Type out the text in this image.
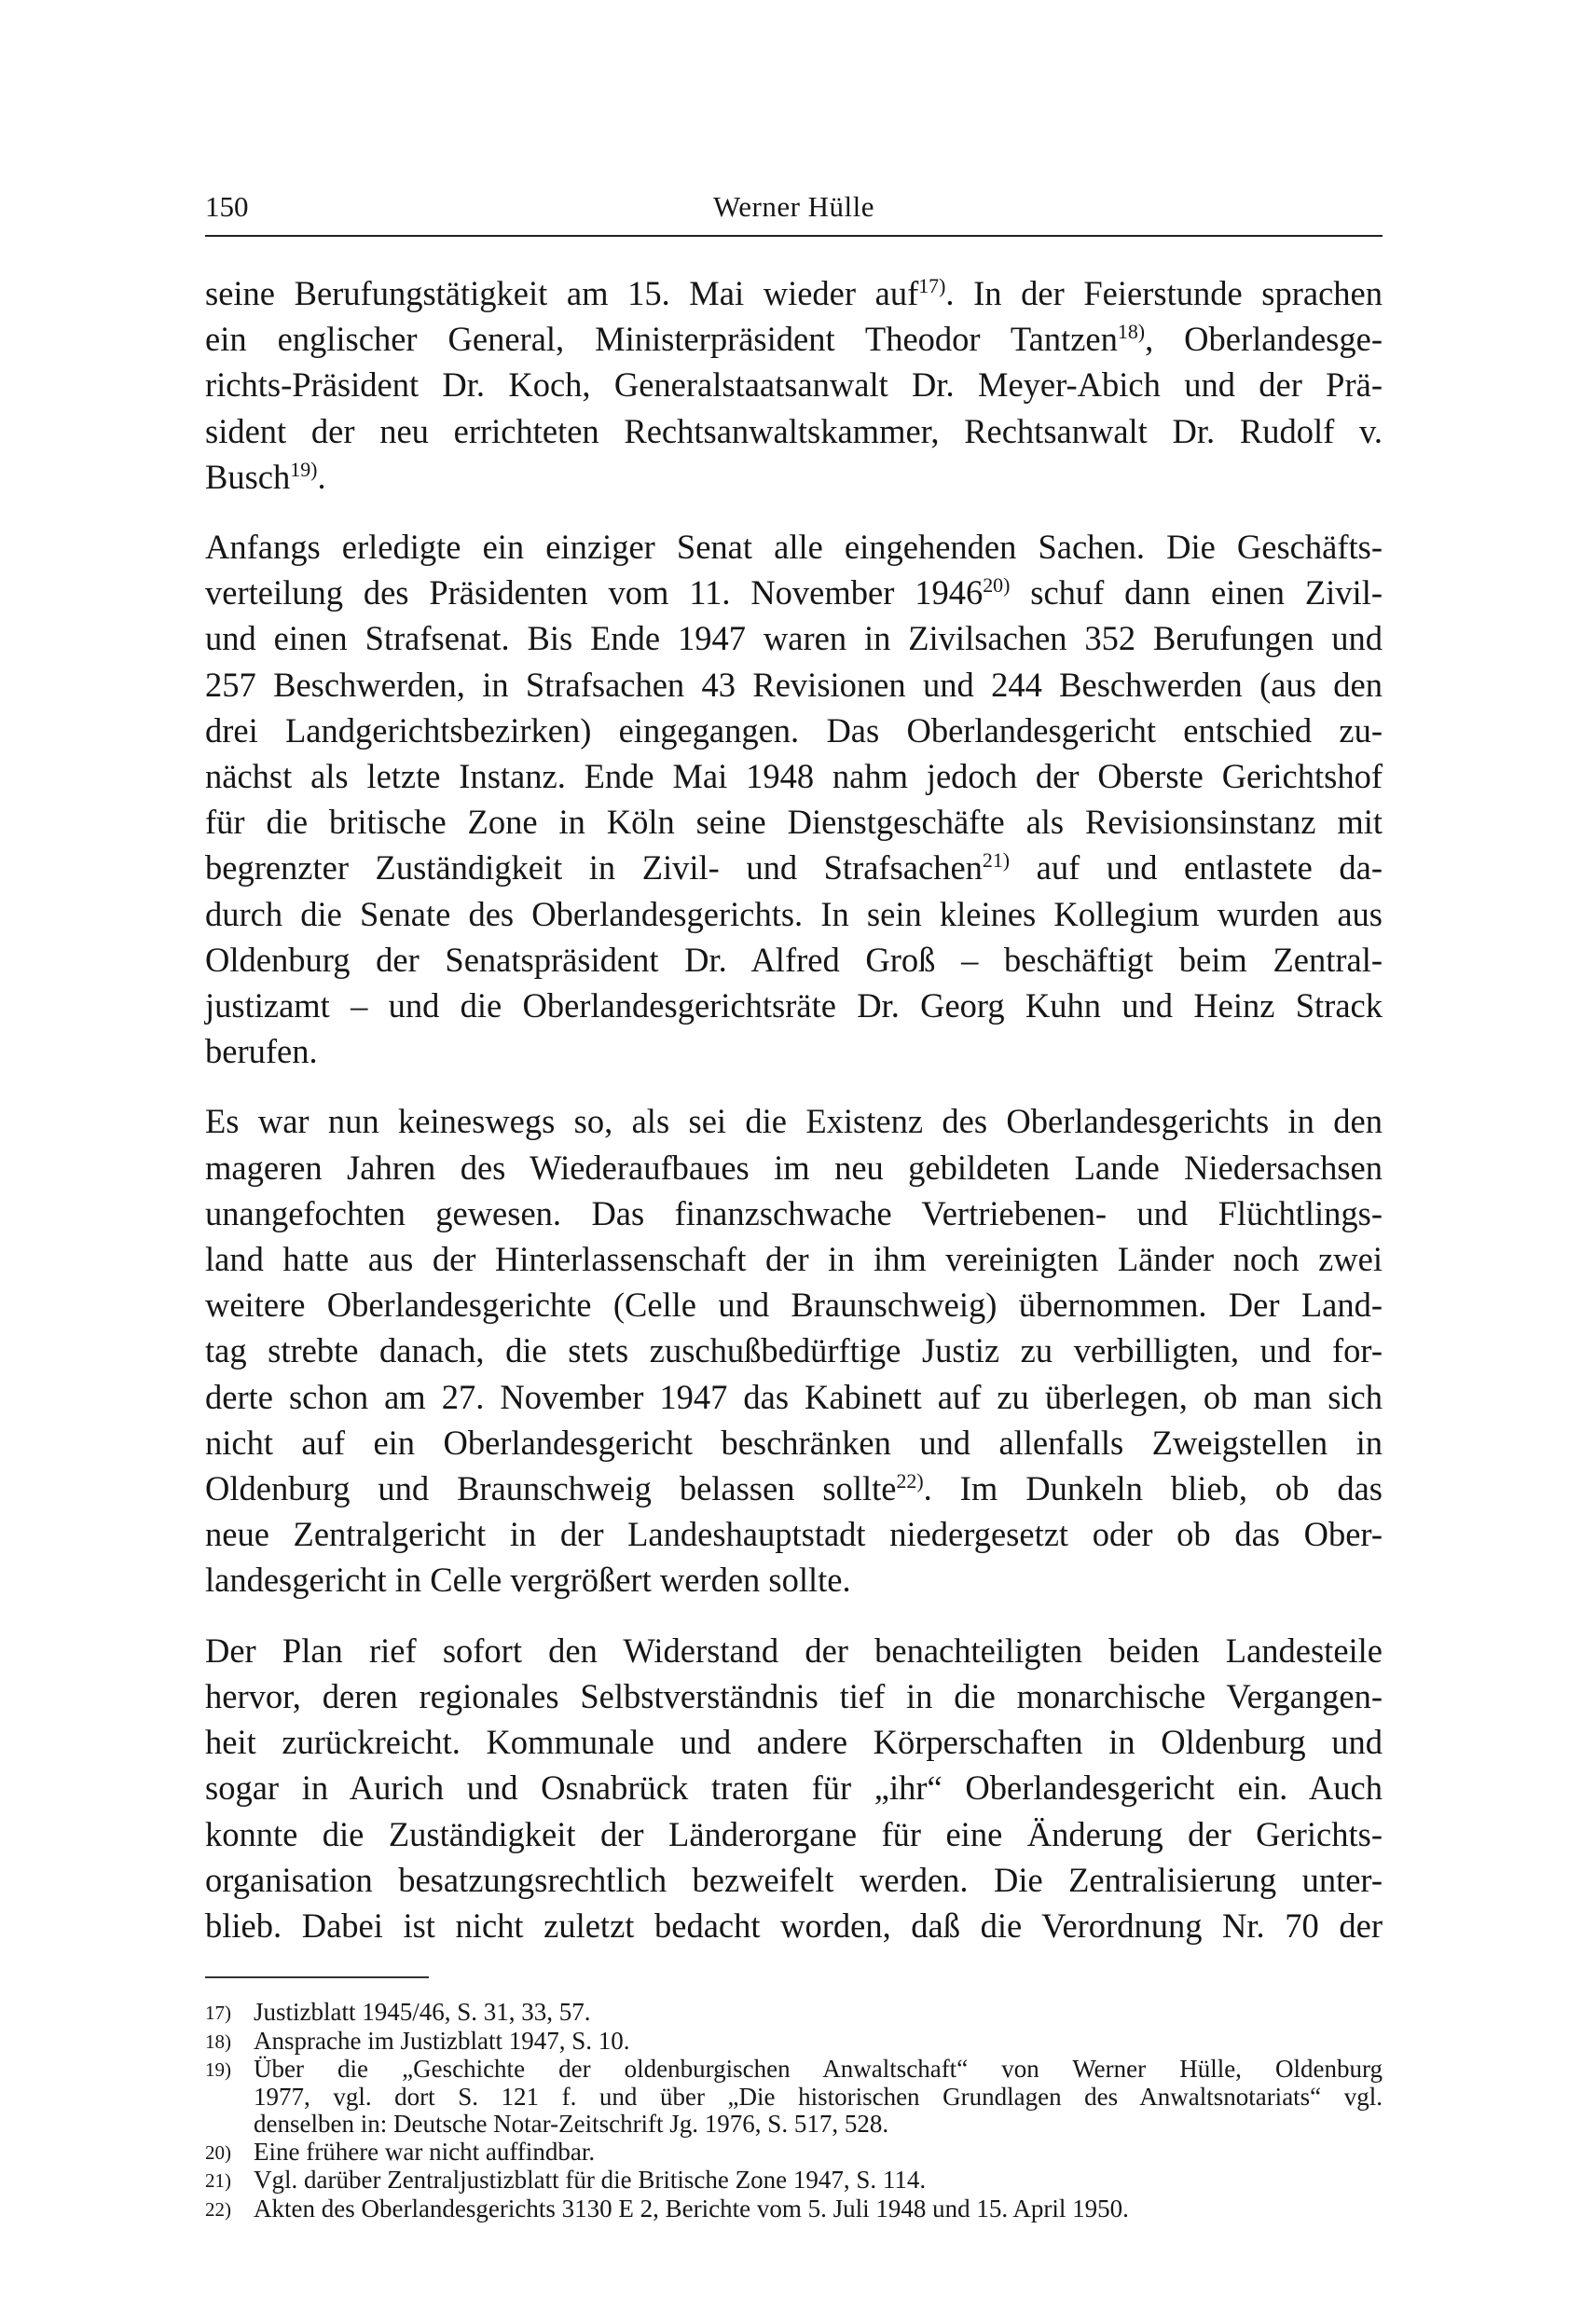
150	Werner Hülle

seine Berufungstätigkeit am 15. Mai wieder auf$^{17)}$. In der Feierstunde sprachen
ein englischer General, Ministerpräsident Theodor Tantzen$^{18)}$, Oberlandesge-
richts-Präsident Dr. Koch, Generalstaatsanwalt Dr. Meyer-Abich und der Prä-
sident der neu errichteten Rechtsanwaltskammer, Rechtsanwalt Dr. Rudolf v.
Busch$^{19)}$.

Anfangs erledigte ein einziger Senat alle eingehenden Sachen. Die Geschäfts-
verteilung des Präsidenten vom 11. November 1946$^{20)}$ schuf dann einen Zivil-
und einen Strafsenat. Bis Ende 1947 waren in Zivilsachen 352 Berufungen und
257 Beschwerden, in Strafsachen 43 Revisionen und 244 Beschwerden (aus den
drei Landgerichtsbezirken) eingegangen. Das Oberlandesgericht entschied zu-
nächst als letzte Instanz. Ende Mai 1948 nahm jedoch der Oberste Gerichtshof
für die britische Zone in Köln seine Dienstgeschäfte als Revisionsinstanz mit
begrenzter Zuständigkeit in Zivil- und Strafsachen$^{21)}$ auf und entlastete da-
durch die Senate des Oberlandesgerichts. In sein kleines Kollegium wurden aus
Oldenburg der Senatspräsident Dr. Alfred Groß – beschäftigt beim Zentral-
justizamt – und die Oberlandesgerichtsräte Dr. Georg Kuhn und Heinz Strack
berufen.

Es war nun keineswegs so, als sei die Existenz des Oberlandesgerichts in den
mageren Jahren des Wiederaufbaues im neu gebildeten Lande Niedersachsen
unangefochten gewesen. Das finanzschwache Vertriebenen- und Flüchtlings-
land hatte aus der Hinterlassenschaft der in ihm vereinigten Länder noch zwei
weitere Oberlandesgerichte (Celle und Braunschweig) übernommen. Der Land-
tag strebte danach, die stets zuschußbedürftige Justiz zu verbilligten, und for-
derte schon am 27. November 1947 das Kabinett auf zu überlegen, ob man sich
nicht auf ein Oberlandesgericht beschränken und allenfalls Zweigstellen in
Oldenburg und Braunschweig belassen sollte$^{22)}$. Im Dunkeln blieb, ob das
neue Zentralgericht in der Landeshauptstadt niedergesetzt oder ob das Ober-
landesgericht in Celle vergrößert werden sollte.

Der Plan rief sofort den Widerstand der benachteiligten beiden Landesteile
hervor, deren regionales Selbstverständnis tief in die monarchische Vergangen-
heit zurückreicht. Kommunale und andere Körperschaften in Oldenburg und
sogar in Aurich und Osnabrück traten für „ihr“ Oberlandesgericht ein. Auch
konnte die Zuständigkeit der Länderorgane für eine Änderung der Gerichts-
organisation besatzungsrechtlich bezweifelt werden. Die Zentralisierung unter-
blieb. Dabei ist nicht zuletzt bedacht worden, daß die Verordnung Nr. 70 der

17) Justizblatt 1945/46, S. 31, 33, 57.
18) Ansprache im Justizblatt 1947, S. 10.
19) Über die „Geschichte der oldenburgischen Anwaltschaft“ von Werner Hülle, Oldenburg
1977, vgl. dort S. 121 f. und über „Die historischen Grundlagen des Anwaltsnotariats“ vgl.
denselben in: Deutsche Notar-Zeitschrift Jg. 1976, S. 517, 528.
20) Eine frühere war nicht auffindbar.
21) Vgl. darüber Zentraljustizblatt für die Britische Zone 1947, S. 114.
22) Akten des Oberlandesgerichts 3130 E 2, Berichte vom 5. Juli 1948 und 15. April 1950.
